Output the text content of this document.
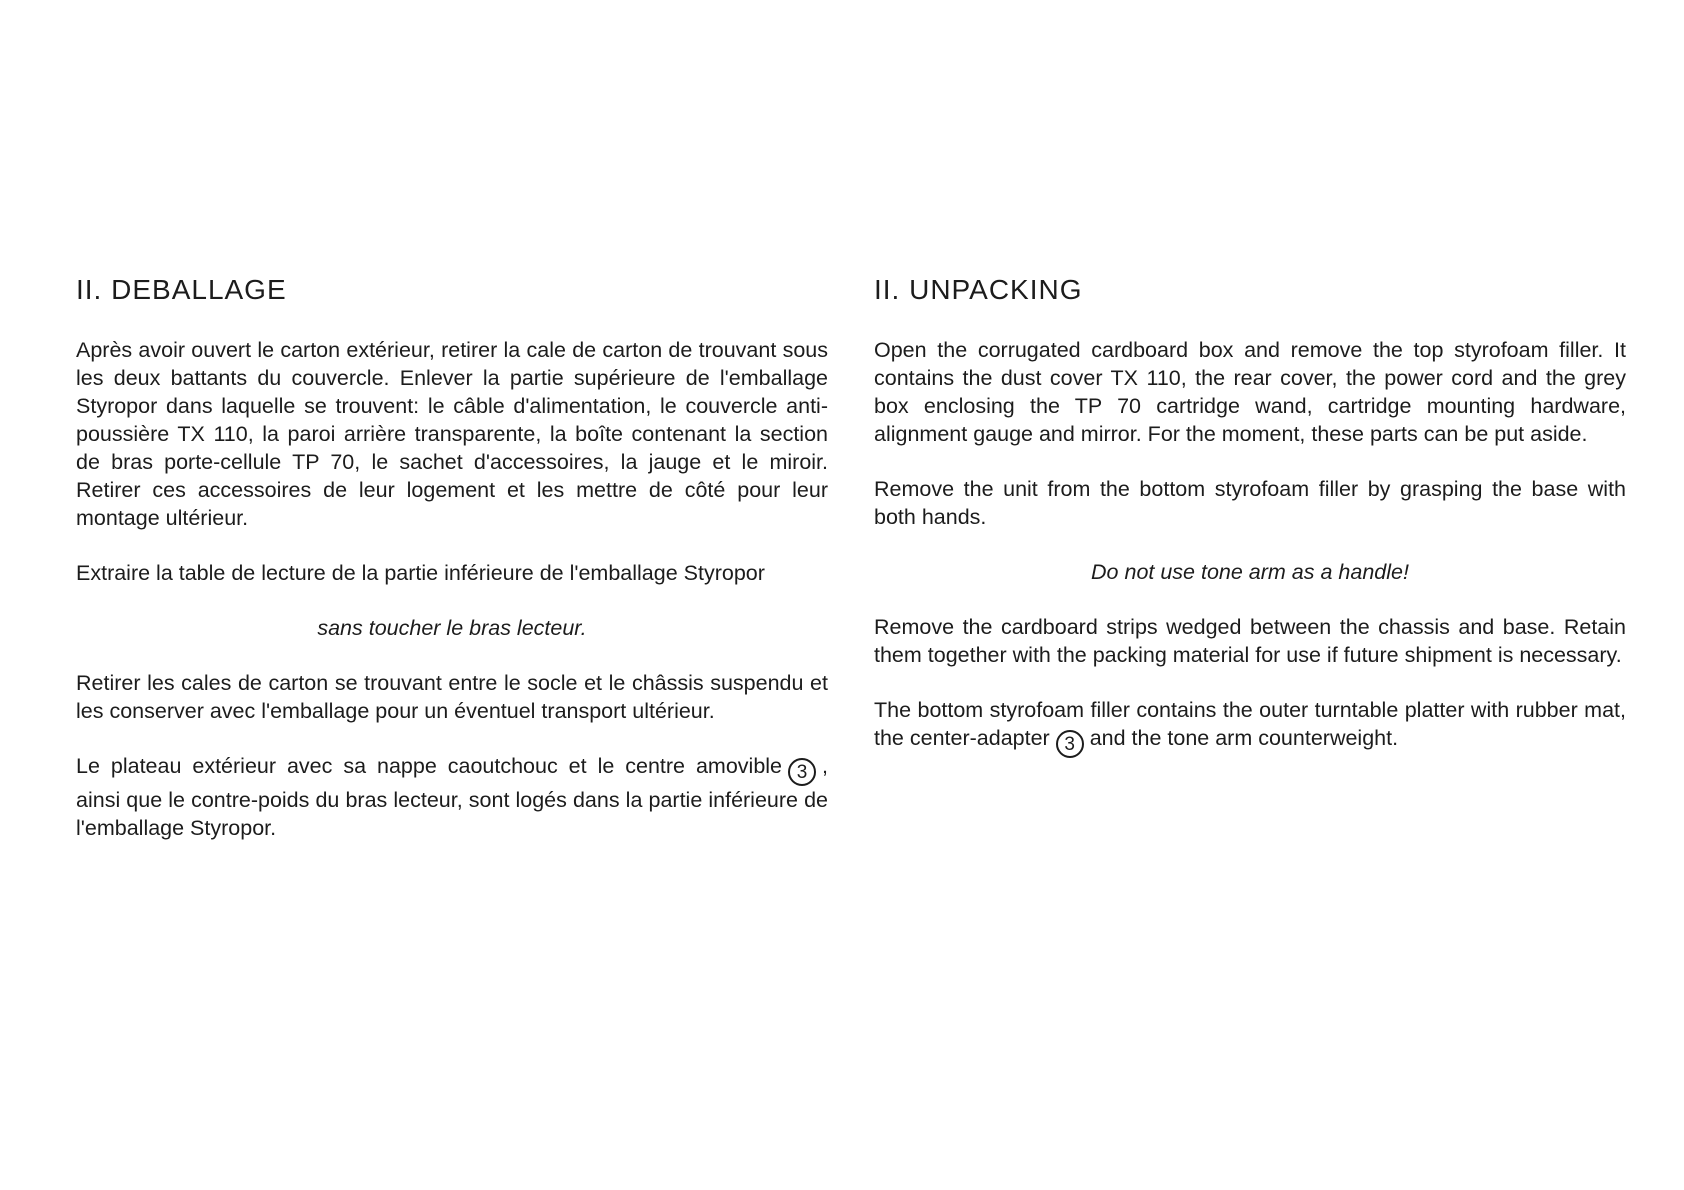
II. DEBALLAGE

Après avoir ouvert le carton extérieur, retirer la cale de carton de trouvant sous les deux battants du couvercle. Enlever la partie supérieure de l'emballage Styropor dans laquelle se trouvent: le câble d'alimentation, le couvercle anti-poussière TX 110, la paroi arrière transparente, la boîte contenant la section de bras porte-cellule TP 70, le sachet d'accessoires, la jauge et le miroir. Retirer ces accessoires de leur logement et les mettre de côté pour leur montage ultérieur.

Extraire la table de lecture de la partie inférieure de l'emballage Styropor

sans toucher le bras lecteur.

Retirer les cales de carton se trouvant entre le socle et le châssis suspendu et les conserver avec l'emballage pour un éventuel transport ultérieur.

Le plateau extérieur avec sa nappe caoutchouc et le centre amovible 3 , ainsi que le contre-poids du bras lecteur, sont logés dans la partie inférieure de l'emballage Styropor.

II. UNPACKING

Open the corrugated cardboard box and remove the top styrofoam filler. It contains the dust cover TX 110, the rear cover, the power cord and the grey box enclosing the TP 70 cartridge wand, cartridge mounting hardware, alignment gauge and mirror. For the moment, these parts can be put aside.

Remove the unit from the bottom styrofoam filler by grasping the base with both hands.

Do not use tone arm as a handle!

Remove the cardboard strips wedged between the chassis and base. Retain them together with the packing material for use if future shipment is necessary.

The bottom styrofoam filler contains the outer turntable platter with rubber mat, the center-adapter 3 and the tone arm counterweight.
